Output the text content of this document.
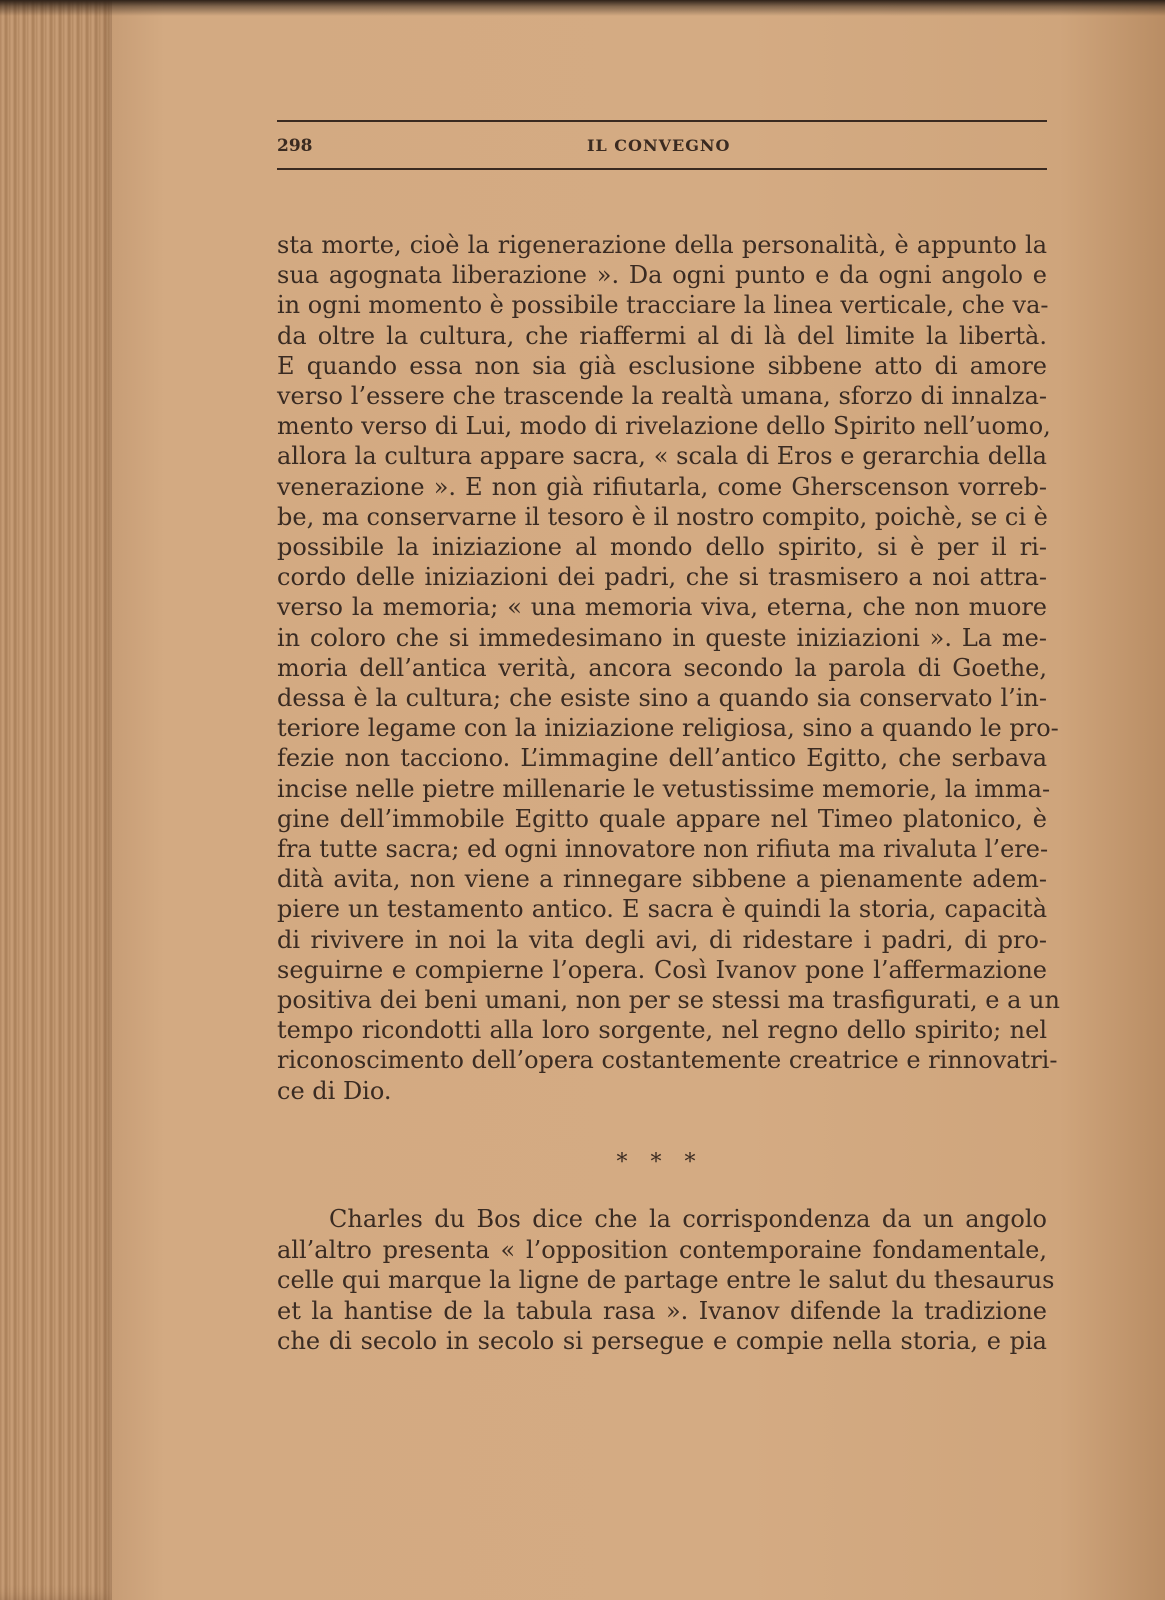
298	IL CONVEGNO
sta morte, cioè la rigenerazione della personalità, è appunto la
sua agognata liberazione ». Da ogni punto e da ogni angolo e
in ogni momento è possibile tracciare la linea verticale, che va-
da oltre la cultura, che riaffermi al di là del limite la libertà.
E quando essa non sia già esclusione sibbene atto di amore
verso l’essere che trascende la realtà umana, sforzo di innalza-
mento verso di Lui, modo di rivelazione dello Spirito nell’uomo,
allora la cultura appare sacra, « scala di Eros e gerarchia della
venerazione ». E non già rifiutarla, come Gherscenson vorreb-
be, ma conservarne il tesoro è il nostro compito, poichè, se ci è
possibile la iniziazione al mondo dello spirito, si è per il ri-
cordo delle iniziazioni dei padri, che si trasmisero a noi attra-
verso la memoria; « una memoria viva, eterna, che non muore
in coloro che si immedesimano in queste iniziazioni ». La me-
moria dell’antica verità, ancora secondo la parola di Goethe,
dessa è la cultura; che esiste sino a quando sia conservato l’in-
teriore legame con la iniziazione religiosa, sino a quando le pro-
fezie non tacciono. L’immagine dell’antico Egitto, che serbava
incise nelle pietre millenarie le vetustissime memorie, la imma-
gine dell’immobile Egitto quale appare nel Timeo platonico, è
fra tutte sacra; ed ogni innovatore non rifiuta ma rivaluta l’ere-
dità avita, non viene a rinnegare sibbene a pienamente adem-
piere un testamento antico. E sacra è quindi la storia, capacità
di rivivere in noi la vita degli avi, di ridestare i padri, di pro-
seguirne e compierne l’opera. Così Ivanov pone l’affermazione
positiva dei beni umani, non per se stessi ma trasfigurati, e a un
tempo ricondotti alla loro sorgente, nel regno dello spirito; nel
riconoscimento dell’opera costantemente creatrice e rinnovatri-
ce di Dio.
* * *
Charles du Bos dice che la corrispondenza da un angolo
all’altro presenta « l’opposition contemporaine fondamentale,
celle qui marque la ligne de partage entre le salut du thesaurus
et la hantise de la tabula rasa ». Ivanov difende la tradizione
che di secolo in secolo si persegue e compie nella storia, e pia
